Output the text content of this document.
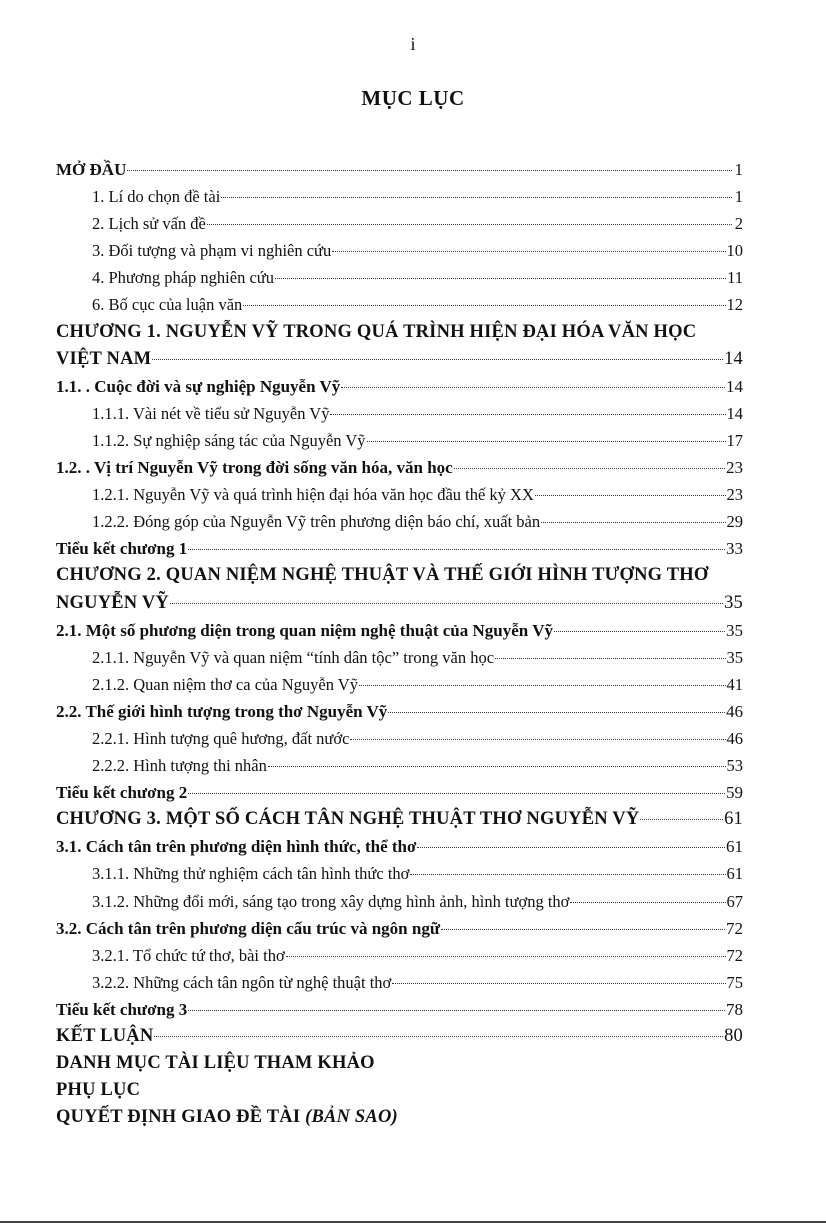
i
MỤC LỤC
MỞ ĐẦU	1
1. Lí do chọn đề tài	1
2. Lịch sử vấn đề	2
3. Đối tượng và phạm vi nghiên cứu	10
4. Phương pháp nghiên cứu	11
6. Bố cục của luận văn	12
CHƯƠNG 1. NGUYỄN VỸ TRONG QUÁ TRÌNH HIỆN ĐẠI HÓA VĂN HỌC
VIỆT NAM	14
1.1. . Cuộc đời và sự nghiệp Nguyễn Vỹ	14
1.1.1. Vài nét về tiểu sử Nguyễn Vỹ	14
1.1.2. Sự nghiệp sáng tác của Nguyễn Vỹ	17
1.2. . Vị trí Nguyễn Vỹ trong đời sống văn hóa, văn học	23
1.2.1. Nguyễn Vỹ và quá trình hiện đại hóa văn học đầu thế kỷ XX	23
1.2.2. Đóng góp của Nguyễn Vỹ trên phương diện báo chí, xuất bản	29
Tiểu kết chương 1	33
CHƯƠNG 2. QUAN NIỆM NGHỆ THUẬT VÀ THẾ GIỚI HÌNH TƯỢNG THƠ
NGUYỄN VỸ	35
2.1. Một số phương diện trong quan niệm nghệ thuật của Nguyễn Vỹ	35
2.1.1. Nguyễn Vỹ và quan niệm “tính dân tộc” trong văn học	35
2.1.2. Quan niệm thơ ca của Nguyễn Vỹ	41
2.2. Thế giới hình tượng trong thơ Nguyễn Vỹ	46
2.2.1. Hình tượng quê hương, đất nước	46
2.2.2. Hình tượng thi nhân	53
Tiểu kết chương 2	59
CHƯƠNG 3. MỘT SỐ CÁCH TÂN NGHỆ THUẬT THƠ NGUYỄN VỸ	61
3.1. Cách tân trên phương diện hình thức, thể thơ	61
3.1.1. Những thử nghiệm cách tân hình thức thơ	61
3.1.2. Những đổi mới, sáng tạo trong xây dựng hình ảnh, hình tượng thơ	67
3.2. Cách tân trên phương diện cấu trúc và ngôn ngữ	72
3.2.1. Tổ chức tứ thơ, bài thơ	72
3.2.2. Những cách tân ngôn từ nghệ thuật thơ	75
Tiểu kết chương 3	78
KẾT LUẬN	80
DANH MỤC TÀI LIỆU THAM KHẢO
PHỤ LỤC
QUYẾT ĐỊNH GIAO ĐỀ TÀI (BẢN SAO)
